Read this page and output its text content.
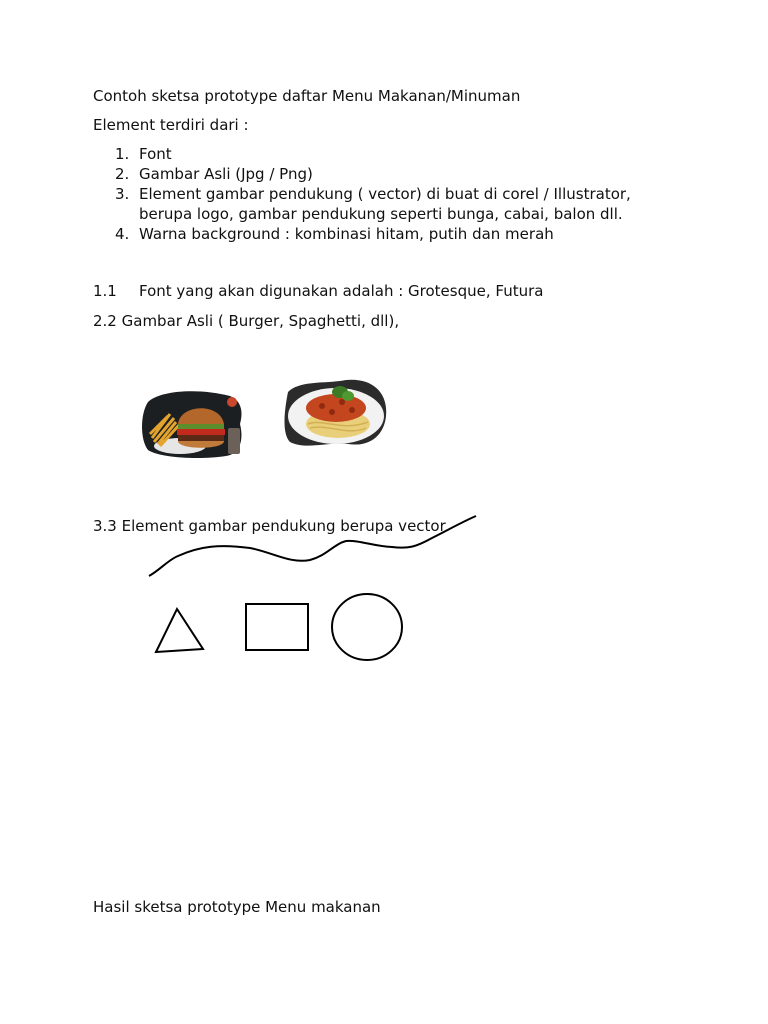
Contoh sketsa prototype daftar Menu Makanan/Minuman
Element terdiri dari :
1. Font
2. Gambar Asli (Jpg / Png)
3. Element gambar pendukung ( vector) di buat di corel / Illustrator,
berupa logo, gambar pendukung seperti bunga, cabai, balon dll.
4. Warna background : kombinasi hitam, putih dan merah
1.1 Font yang akan digunakan adalah : Grotesque, Futura
2.2 Gambar Asli ( Burger, Spaghetti, dll),
3.3 Element gambar pendukung berupa vector
Hasil sketsa prototype Menu makanan
